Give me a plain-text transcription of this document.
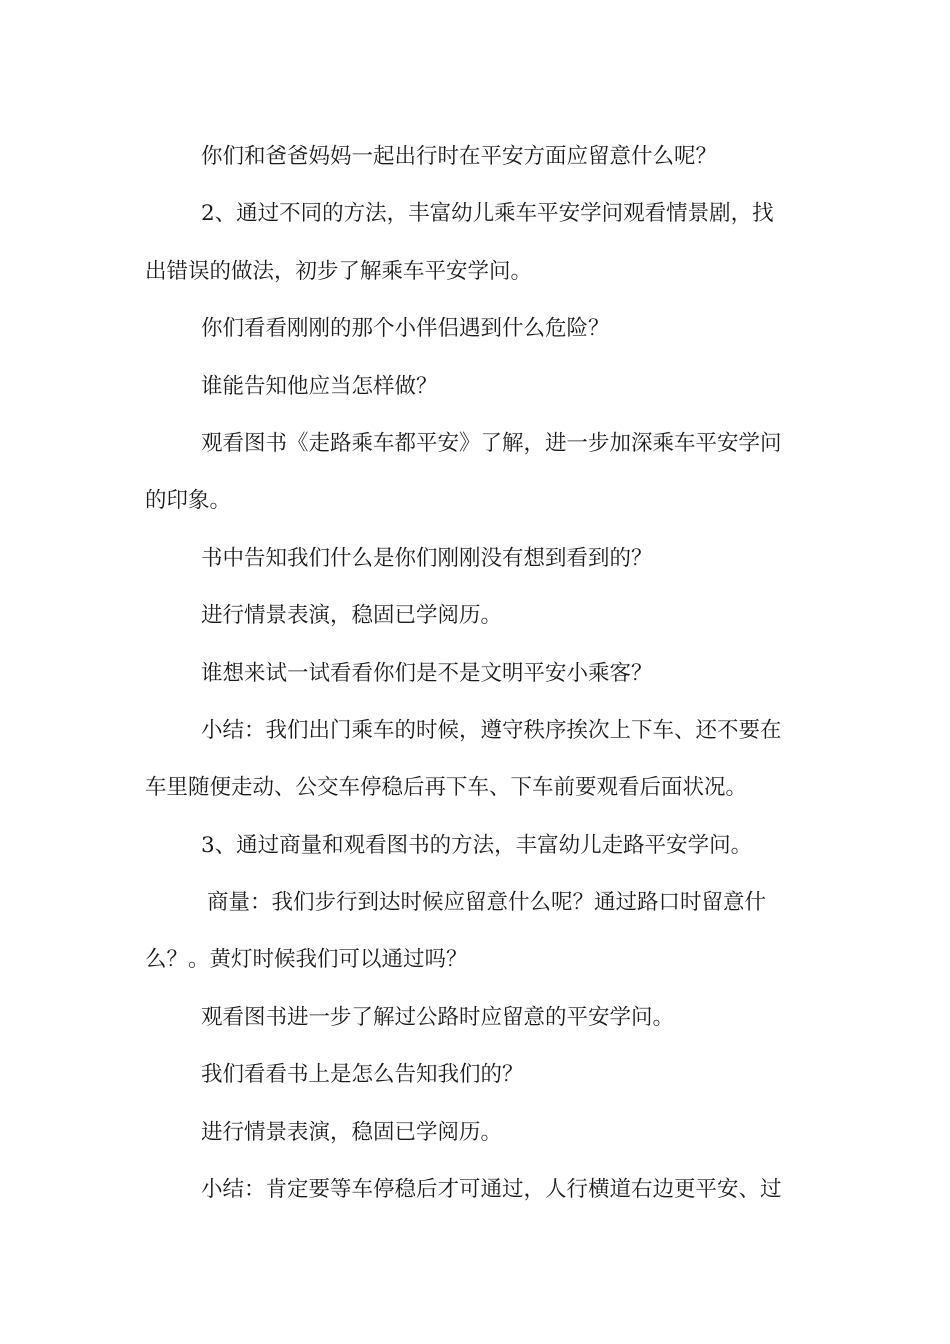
你们和爸爸妈妈一起出行时在平安方面应留意什么呢？
2、通过不同的方法，丰富幼儿乘车平安学问观看情景剧，找
出错误的做法，初步了解乘车平安学问。
你们看看刚刚的那个小伴侣遇到什么危险？
谁能告知他应当怎样做？
观看图书《走路乘车都平安》了解，进一步加深乘车平安学问
的印象。
书中告知我们什么是你们刚刚没有想到看到的？
进行情景表演，稳固已学阅历。
谁想来试一试看看你们是不是文明平安小乘客？
小结：我们出门乘车的时候，遵守秩序挨次上下车、还不要在
车里随便走动、公交车停稳后再下车、下车前要观看后面状况。
3、通过商量和观看图书的方法，丰富幼儿走路平安学问。
商量：我们步行到达时候应留意什么呢？通过路口时留意什
么？。黄灯时候我们可以通过吗？
观看图书进一步了解过公路时应留意的平安学问。
我们看看书上是怎么告知我们的？
进行情景表演，稳固已学阅历。
小结：肯定要等车停稳后才可通过，人行横道右边更平安、过
